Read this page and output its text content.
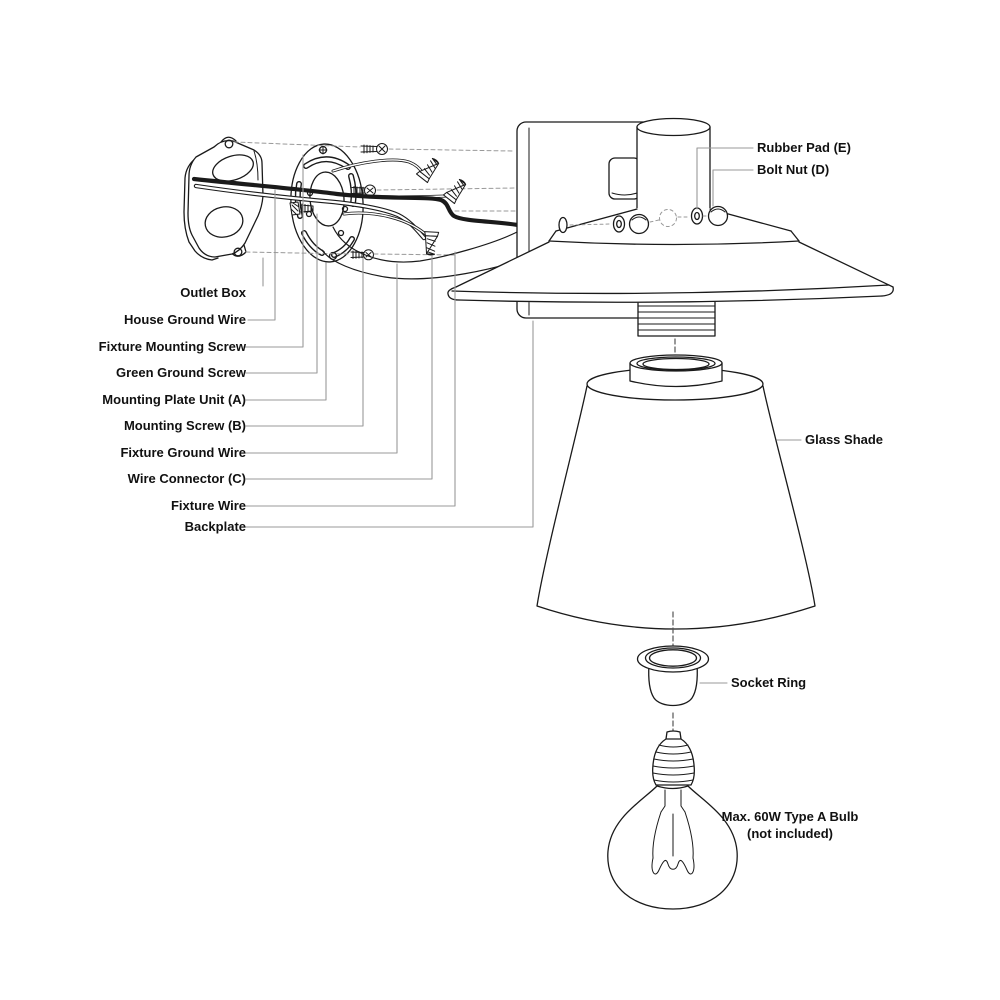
Outlet Box
House Ground Wire
Fixture Mounting Screw
Green Ground Screw
Mounting Plate Unit (A)
Mounting Screw (B)
Fixture Ground Wire
Wire Connector (C)
Fixture Wire
Backplate
Rubber Pad (E)
Bolt Nut (D)
Glass Shade
Socket Ring
Max. 60W Type A Bulb
(not included)
